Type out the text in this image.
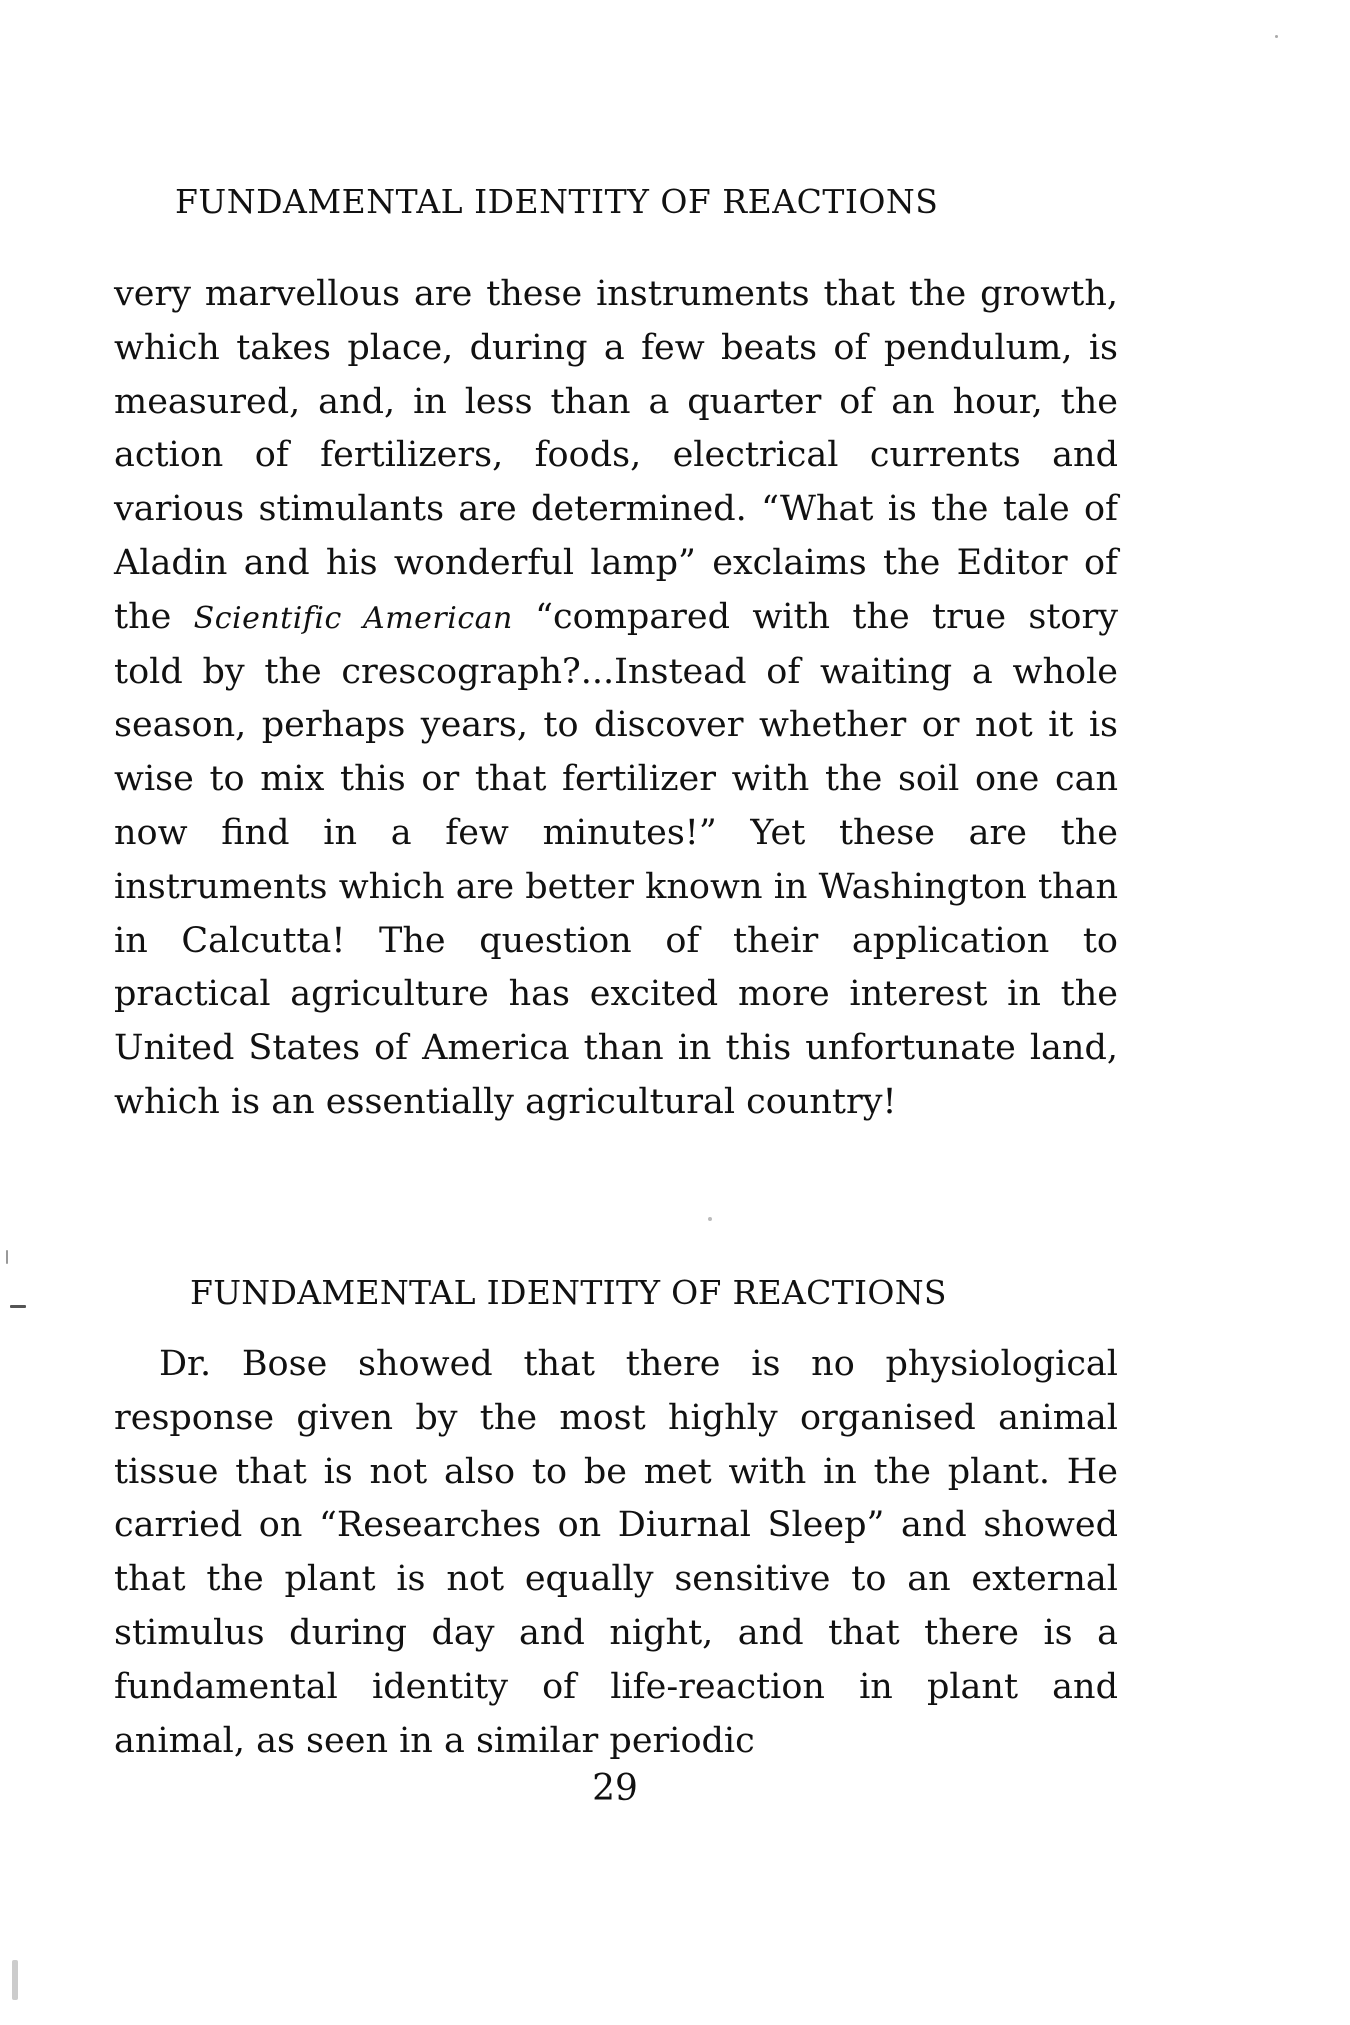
FUNDAMENTAL IDENTITY OF REACTIONS

very marvellous are these instruments that the growth, which takes place, during a few beats of pendulum, is measured, and, in less than a quarter of an hour, the action of fertilizers, foods, electrical currents and various stimulants are determined. “What is the tale of Aladin and his wonderful lamp” exclaims the Editor of the Scientific American “compared with the true story told by the crescograph?...Instead of waiting a whole season, perhaps years, to discover whether or not it is wise to mix this or that fertilizer with the soil one can now find in a few minutes!” Yet these are the instruments which are better known in Washington than in Calcutta! The question of their application to practical agriculture has excited more interest in the United States of America than in this unfortunate land, which is an essentially agricultural country!

FUNDAMENTAL IDENTITY OF REACTIONS

Dr. Bose showed that there is no physiological response given by the most highly organised animal tissue that is not also to be met with in the plant. He carried on “Researches on Diurnal Sleep” and showed that the plant is not equally sensitive to an external stimulus during day and night, and that there is a fundamental identity of life-reaction in plant and animal, as seen in a similar periodic

29
